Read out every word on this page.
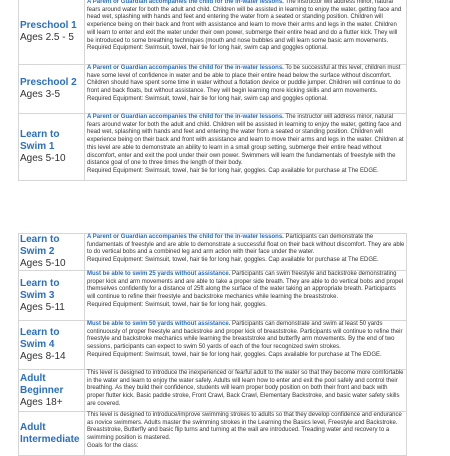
Preschool 1
Ages 2.5 - 5	A Parent or Guardian accompanies the child for the in-water lessons. The instructor will address minor, natural fears around water for both the adult and child. Children will be assisted in learning to enjoy the water, getting face and head wet, splashing with hands and feet and entering the water from a seated or standing position. Children will experience being on their back and front with assistance and learn to move their arms and legs in the water. Children will learn to enter and exit the water under their own power, submerge their entire head and do a flutter kick. They will be introduced to some breathing techniques (mouth and nose bubbles and will learn some basic arm movements.
Required Equipment: Swimsuit, towel, hair tie for long hair, swim cap and goggles optional.

Preschool 2
Ages 3-5	A Parent or Guardian accompanies the child for the in-water lessons. To be successful at this level, children must have some level of confidence in water and be able to place their entire head below the surface without discomfort. Children should have spent some time in water without a flotation device or puddle jumper. Children will continue to do front and back floats, but without assistance. They will begin learning more kicking skills and arm movements.
Required Equipment: Swimsuit, towel, hair tie for long hair, swim cap and goggles optional.

Learn to Swim 1
Ages 5-10	A Parent or Guardian accompanies the child for the in-water lessons. The instructor will address minor, natural fears around water for both the adult and child. Children will be assisted in learning to enjoy the water, getting face and head wet, splashing with hands and feet and entering the water from a seated or standing position. Children will experience being on their back and front with assistance and learn to move their arms and legs in the water. Children at this level are able to demonstrate an ability to learn in a small group setting, submerge their entire head without discomfort, enter and exit the pool under their own power. Swimmers will learn the fundamentals of freestyle with the distance goal of one to three times the length of their body.
Required Equipment: Swimsuit, towel, hair tie for long hair, goggles. Cap available for purchase at The EDGE.
Learn to Swim 2
Ages 5-10	A Parent or Guardian accompanies the child for the in-water lessons. Participants can demonstrate the fundamentals of freestyle and are able to demonstrate a successful float on their back without discomfort. They are able to do vertical bobs and a combined leg and arm action with their face under the water.
Required Equipment: Swimsuit, towel, hair tie for long hair, goggles. Cap available for purchase at The EDGE.

Learn to Swim 3
Ages 5-11	Must be able to swim 25 yards without assistance. Participants can swim freestyle and backstroke demonstrating proper kick and arm movements and are able to take a proper side breath. They are able to do vertical bobs and propel themselves confidently for a distance of 25ft along the surface of the water taking an appropriate breath. Participants will continue to refine their freestyle and backstroke mechanics while learning the breaststroke.
Required Equipment: Swimsuit, towel, hair tie for long hair, goggles.

Learn to Swim 4
Ages 8-14	Must be able to swim 50 yards without assistance. Participants can demonstrate and swim at least 50 yards continuously of proper freestyle and backstroke and proper kick of breaststroke. Participants will continue to refine their freestyle and backstroke mechanics while learning the breaststroke and butterfly arm movements. By the end of two sessions, participants can expect to swim 50 yards of each of the four recognized swim strokes.
Required Equipment: Swimsuit, towel, hair tie for long hair, goggles. Caps available for purchase at The EDGE.

Adult Beginner
Ages 18+	This level is designed to introduce the inexperienced or fearful adult to the water so that they become more comfortable in the water and learn to enjoy the water safely. Adults will learn how to enter and exit the pool safely and control their breathing. As they build their confidence, students will learn proper body position on both their front and back with proper flutter kick. Basic paddle stroke, Front Crawl, Back Crawl, Elementary Backstroke, and basic water safety skills are covered.

Adult Intermediate	This level is designed to introduce/improve swimming strokes to adults so that they develop confidence and endurance as novice swimmers. Adults master the swimming strokes in the Learning the Basics level, Freestyle and Backstroke. Breaststroke, Butterfly and basic flip turns and turning at the wall are introduced. Treading water and recovery to a swimming position is mastered.
Goals for the class:
